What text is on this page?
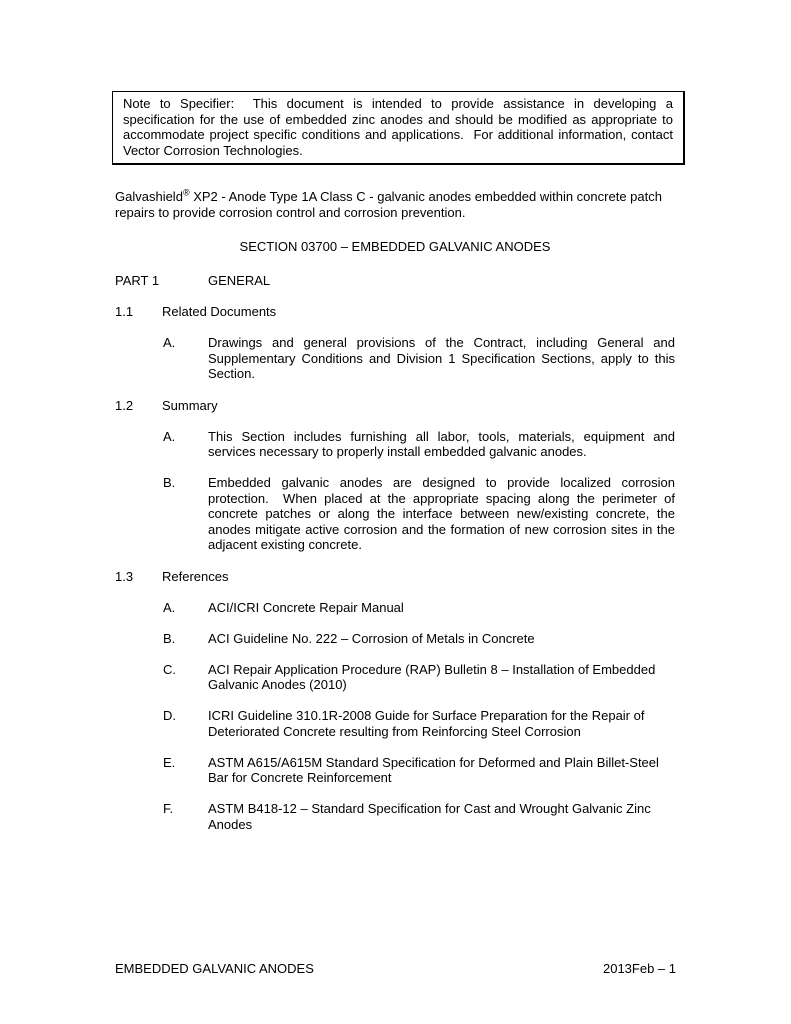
Note to Specifier:  This document is intended to provide assistance in developing a specification for the use of embedded zinc anodes and should be modified as appropriate to accommodate project specific conditions and applications.  For additional information, contact Vector Corrosion Technologies.

Galvashield® XP2 - Anode Type 1A Class C - galvanic anodes embedded within concrete patch repairs to provide corrosion control and corrosion prevention.

SECTION 03700 – EMBEDDED GALVANIC ANODES

PART 1	GENERAL
1.1	Related Documents
A.	Drawings and general provisions of the Contract, including General and Supplementary Conditions and Division 1 Specification Sections, apply to this Section.

1.2	Summary
A.	This Section includes furnishing all labor, tools, materials, equipment and services necessary to properly install embedded galvanic anodes.

B.	Embedded galvanic anodes are designed to provide localized corrosion protection.  When placed at the appropriate spacing along the perimeter of concrete patches or along the interface between new/existing concrete, the anodes mitigate active corrosion and the formation of new corrosion sites in the adjacent existing concrete.

1.3	References
A.	ACI/ICRI Concrete Repair Manual

B.	ACI Guideline No. 222 – Corrosion of Metals in Concrete

C.	ACI Repair Application Procedure (RAP) Bulletin 8 – Installation of Embedded Galvanic Anodes (2010)

D.	ICRI Guideline 310.1R-2008 Guide for Surface Preparation for the Repair of Deteriorated Concrete resulting from Reinforcing Steel Corrosion

E.	ASTM A615/A615M Standard Specification for Deformed and Plain Billet-Steel Bar for Concrete Reinforcement

F.	ASTM B418-12 – Standard Specification for Cast and Wrought Galvanic Zinc Anodes

EMBEDDED GALVANIC ANODES	2013Feb – 1
